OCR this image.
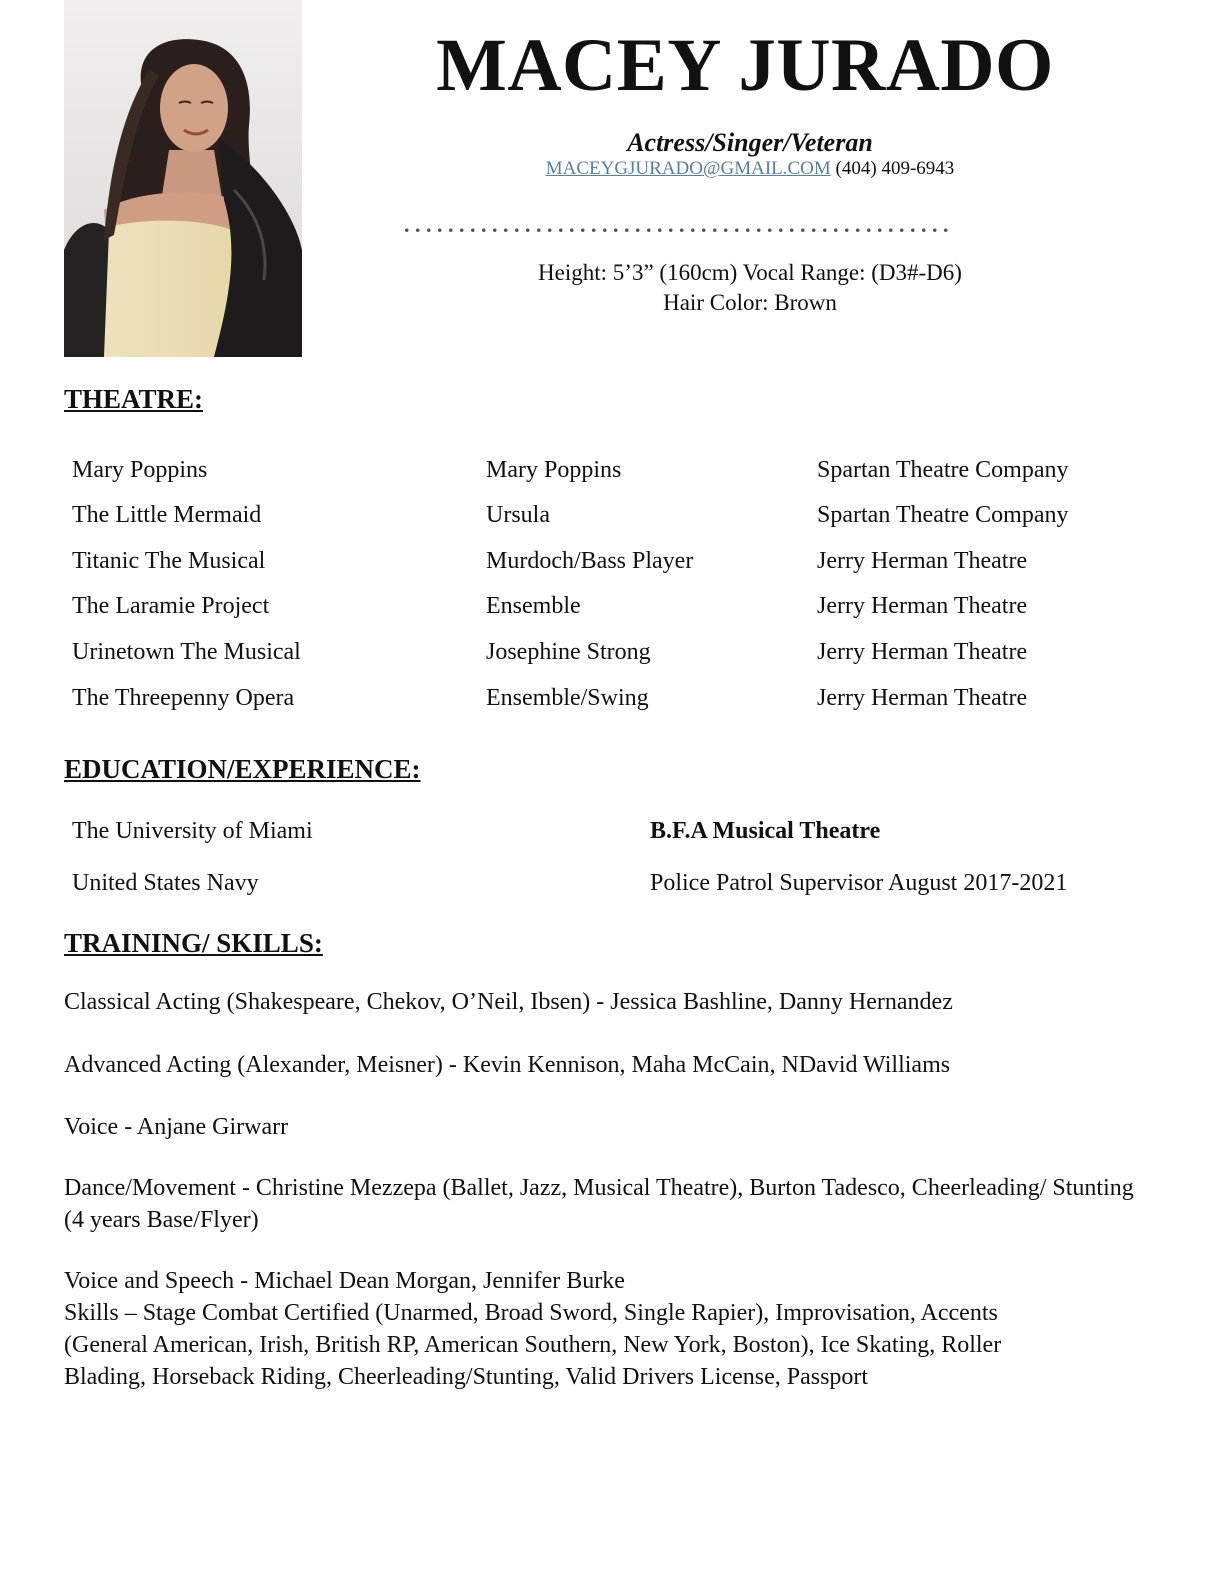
MACEY JURADO
Actress/Singer/Veteran
MACEYGJURADO@GMAIL.COM (404) 409-6943
..................................................
Height: 5’3” (160cm) Vocal Range: (D3#-D6)
Hair Color: Brown
THEATRE:
Mary Poppins	Mary Poppins	Spartan Theatre Company
The Little Mermaid	Ursula	Spartan Theatre Company
Titanic The Musical	Murdoch/Bass Player	Jerry Herman Theatre
The Laramie Project	Ensemble	Jerry Herman Theatre
Urinetown The Musical	Josephine Strong	Jerry Herman Theatre
The Threepenny Opera	Ensemble/Swing	Jerry Herman Theatre
EDUCATION/EXPERIENCE:
The University of Miami	B.F.A Musical Theatre
United States Navy	Police Patrol Supervisor August 2017-2021
TRAINING/ SKILLS:

Classical Acting (Shakespeare, Chekov, O’Neil, Ibsen) - Jessica Bashline, Danny Hernandez

Advanced Acting (Alexander, Meisner) - Kevin Kennison, Maha McCain, NDavid Williams

Voice - Anjane Girwarr

Dance/Movement - Christine Mezzepa (Ballet, Jazz, Musical Theatre), Burton Tadesco, Cheerleading/ Stunting (4 years Base/Flyer)

Voice and Speech - Michael Dean Morgan, Jennifer Burke

Skills – Stage Combat Certified (Unarmed, Broad Sword, Single Rapier), Improvisation, Accents (General American, Irish, British RP, American Southern, New York, Boston), Ice Skating, Roller Blading, Horseback Riding, Cheerleading/Stunting, Valid Drivers License, Passport
